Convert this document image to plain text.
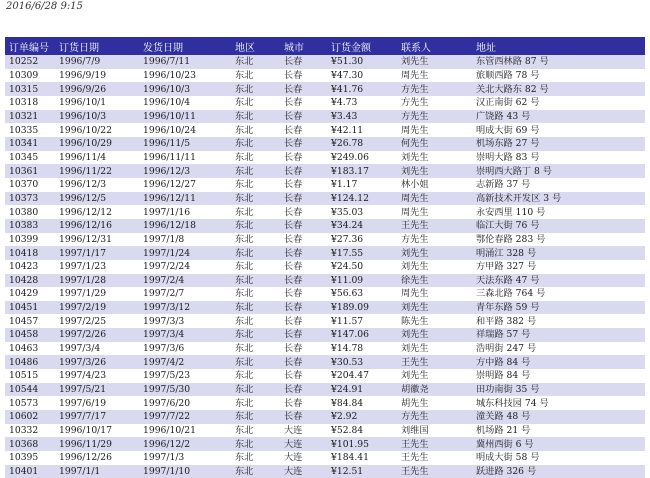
2016/6/28 9:15
订单编号	订货日期	发货日期	地区	城市	订货金额	联系人	地址
10252	1996/7/9	1996/7/11	东北	长春	¥51.30	刘先生	东管西林路 87 号
10309	1996/9/19	1996/10/23	东北	长春	¥47.30	周先生	旅顺西路 78 号
10315	1996/9/26	1996/10/3	东北	长春	¥41.76	方先生	关北大路东 82 号
10318	1996/10/1	1996/10/4	东北	长春	¥4.73	方先生	汉正南街 62 号
10321	1996/10/3	1996/10/11	东北	长春	¥3.43	方先生	广饶路 43 号
10335	1996/10/22	1996/10/24	东北	长春	¥42.11	周先生	明成大街 69 号
10341	1996/10/29	1996/11/5	东北	长春	¥26.78	何先生	机场东路 27 号
10345	1996/11/4	1996/11/11	东北	长春	¥249.06	刘先生	崇明大路 83 号
10361	1996/11/22	1996/12/3	东北	长春	¥183.17	刘先生	崇明西大路丁 8 号
10370	1996/12/3	1996/12/27	东北	长春	¥1.17	林小姐	志新路 37 号
10373	1996/12/5	1996/12/11	东北	长春	¥124.12	周先生	高新技术开发区 3 号
10380	1996/12/12	1997/1/16	东北	长春	¥35.03	周先生	永安西里 110 号
10383	1996/12/16	1996/12/18	东北	长春	¥34.24	王先生	临江大街 76 号
10399	1996/12/31	1997/1/8	东北	长春	¥27.36	方先生	鄂伦春路 283 号
10418	1997/1/17	1997/1/24	东北	长春	¥17.55	刘先生	明涌江 328 号
10423	1997/1/23	1997/2/24	东北	长春	¥24.50	刘先生	方甲路 327 号
10428	1997/1/28	1997/2/4	东北	长春	¥11.09	徐先生	天法东路 47 号
10429	1997/1/29	1997/2/7	东北	长春	¥56.63	周先生	三森北路 764 号
10451	1997/2/19	1997/3/12	东北	长春	¥189.09	刘先生	青年东路 59 号
10457	1997/2/25	1997/3/3	东北	长春	¥11.57	陈先生	和平路 382 号
10458	1997/2/26	1997/3/4	东北	长春	¥147.06	刘先生	祥瑞路 57 号
10463	1997/3/4	1997/3/6	东北	长春	¥14.78	刘先生	浩明街 247 号
10486	1997/3/26	1997/4/2	东北	长春	¥30.53	王先生	方中路 84 号
10515	1997/4/23	1997/5/23	东北	长春	¥204.47	刘先生	崇明路 84 号
10544	1997/5/21	1997/5/30	东北	长春	¥24.91	胡徽尧	田功南街 35 号
10573	1997/6/19	1997/6/20	东北	长春	¥84.84	胡先生	城东科技园 74 号
10602	1997/7/17	1997/7/22	东北	长春	¥2.92	方先生	潼关路 48 号
10332	1996/10/17	1996/10/21	东北	大连	¥52.84	刘维国	机场路 21 号
10368	1996/11/29	1996/12/2	东北	大连	¥101.95	王先生	冀州西街 6 号
10395	1996/12/26	1997/1/3	东北	大连	¥184.41	王先生	明成大街 58 号
10401	1997/1/1	1997/1/10	东北	大连	¥12.51	王先生	跃进路 326 号
